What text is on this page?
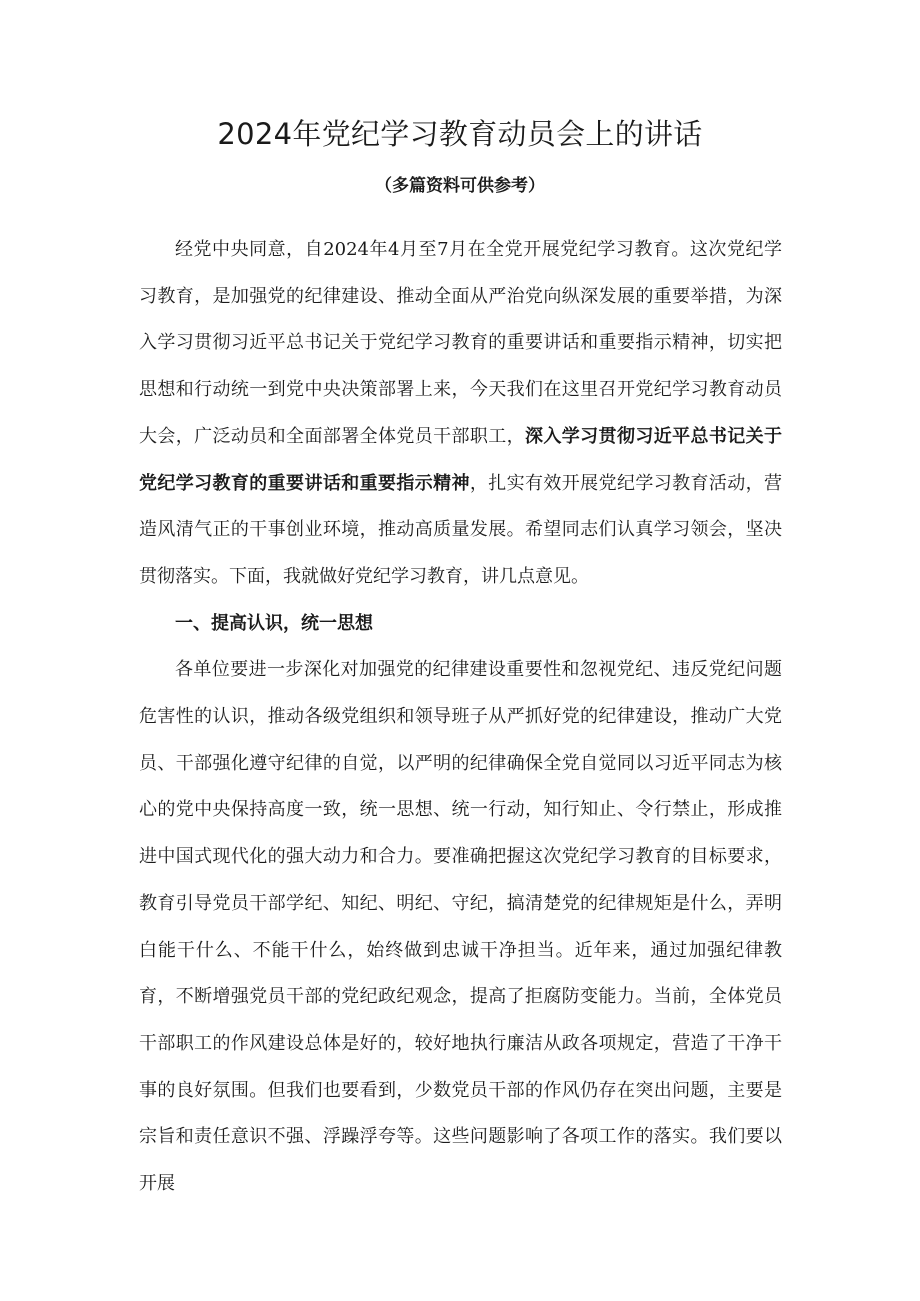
2024年党纪学习教育动员会上的讲话
（多篇资料可供参考）

经党中央同意，自2024年4月至7月在全党开展党纪学习教育。这次党纪学习教育，是加强党的纪律建设、推动全面从严治党向纵深发展的重要举措，为深入学习贯彻习近平总书记关于党纪学习教育的重要讲话和重要指示精神，切实把思想和行动统一到党中央决策部署上来，今天我们在这里召开党纪学习教育动员大会，广泛动员和全面部署全体党员干部职工，深入学习贯彻习近平总书记关于党纪学习教育的重要讲话和重要指示精神，扎实有效开展党纪学习教育活动，营造风清气正的干事创业环境，推动高质量发展。希望同志们认真学习领会，坚决贯彻落实。下面，我就做好党纪学习教育，讲几点意见。

一、提高认识，统一思想

各单位要进一步深化对加强党的纪律建设重要性和忽视党纪、违反党纪问题危害性的认识，推动各级党组织和领导班子从严抓好党的纪律建设，推动广大党员、干部强化遵守纪律的自觉，以严明的纪律确保全党自觉同以习近平同志为核心的党中央保持高度一致，统一思想、统一行动，知行知止、令行禁止，形成推进中国式现代化的强大动力和合力。要准确把握这次党纪学习教育的目标要求，教育引导党员干部学纪、知纪、明纪、守纪，搞清楚党的纪律规矩是什么，弄明白能干什么、不能干什么，始终做到忠诚干净担当。近年来，通过加强纪律教育，不断增强党员干部的党纪政纪观念，提高了拒腐防变能力。当前，全体党员干部职工的作风建设总体是好的，较好地执行廉洁从政各项规定，营造了干净干事的良好氛围。但我们也要看到，少数党员干部的作风仍存在突出问题，主要是宗旨和责任意识不强、浮躁浮夸等。这些问题影响了各项工作的落实。我们要以开展
